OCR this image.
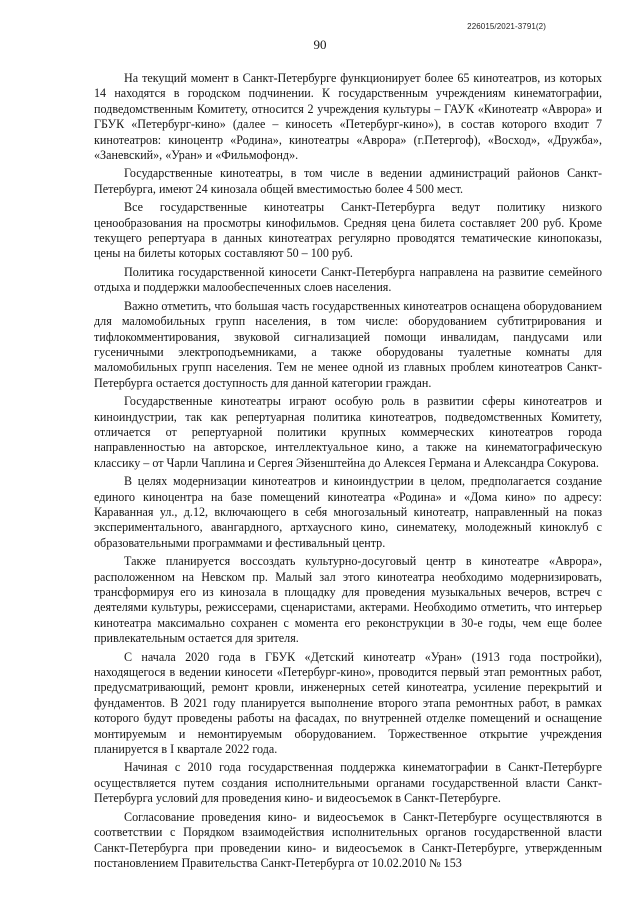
226015/2021-3791(2)
90

На текущий момент в Санкт-Петербурге функционирует более 65 кинотеатров, из которых 14 находятся в городском подчинении. К государственным учреждениям кинематографии, подведомственным Комитету, относится 2 учреждения культуры – ГАУК «Кинотеатр «Аврора» и ГБУК «Петербург-кино» (далее – киносеть «Петербург-кино»), в состав которого входит 7 кинотеатров: киноцентр «Родина», кинотеатры «Аврора» (г.Петергоф), «Восход», «Дружба», «Заневский», «Уран» и «Фильмофонд».

Государственные кинотеатры, в том числе в ведении администраций районов Санкт-Петербурга, имеют 24 кинозала общей вместимостью более 4 500 мест.

Все государственные кинотеатры Санкт-Петербурга ведут политику низкого ценообразования на просмотры кинофильмов. Средняя цена билета составляет 200 руб. Кроме текущего репертуара в данных кинотеатрах регулярно проводятся тематические кинопоказы, цены на билеты которых составляют 50 – 100 руб.

Политика государственной киносети Санкт-Петербурга направлена на развитие семейного отдыха и поддержки малообеспеченных слоев населения.

Важно отметить, что большая часть государственных кинотеатров оснащена оборудованием для маломобильных групп населения, в том числе: оборудованием субтитрирования и тифлокомментирования, звуковой сигнализацией помощи инвалидам, пандусами или гусеничными электроподъемниками, а также оборудованы туалетные комнаты для маломобильных групп населения. Тем не менее одной из главных проблем кинотеатров Санкт-Петербурга остается доступность для данной категории граждан.

Государственные кинотеатры играют особую роль в развитии сферы кинотеатров и киноиндустрии, так как репертуарная политика кинотеатров, подведомственных Комитету, отличается от репертуарной политики крупных коммерческих кинотеатров города направленностью на авторское, интеллектуальное кино, а также на кинематографическую классику – от Чарли Чаплина и Сергея Эйзенштейна до Алексея Германа и Александра Сокурова.

В целях модернизации кинотеатров и киноиндустрии в целом, предполагается создание единого киноцентра на базе помещений кинотеатра «Родина» и «Дома кино» по адресу: Караванная ул., д.12, включающего в себя многозальный кинотеатр, направленный на показ экспериментального, авангардного, артхаусного кино, синематеку, молодежный киноклуб с образовательными программами и фестивальный центр.

Также планируется воссоздать культурно-досуговый центр в кинотеатре «Аврора», расположенном на Невском пр. Малый зал этого кинотеатра необходимо модернизировать, трансформируя его из кинозала в площадку для проведения музыкальных вечеров, встреч с деятелями культуры, режиссерами, сценаристами, актерами. Необходимо отметить, что интерьер кинотеатра максимально сохранен с момента его реконструкции в 30-е годы, чем еще более привлекательным остается для зрителя.

С начала 2020 года в ГБУК «Детский кинотеатр «Уран» (1913 года постройки), находящегося в ведении киносети «Петербург-кино», проводится первый этап ремонтных работ, предусматривающий, ремонт кровли, инженерных сетей кинотеатра, усиление перекрытий и фундаментов. В 2021 году планируется выполнение второго этапа ремонтных работ, в рамках которого будут проведены работы на фасадах, по внутренней отделке помещений и оснащение монтируемым и немонтируемым оборудованием. Торжественное открытие учреждения планируется в I квартале 2022 года.

Начиная с 2010 года государственная поддержка кинематографии в Санкт-Петербурге осуществляется путем создания исполнительными органами государственной власти Санкт-Петербурга условий для проведения кино- и видеосъемок в Санкт-Петербурге.

Согласование проведения кино- и видеосъемок в Санкт-Петербурге осуществляются в соответствии с Порядком взаимодействия исполнительных органов государственной власти Санкт-Петербурга при проведении кино- и видеосъемок в Санкт-Петербурге, утвержденным постановлением Правительства Санкт-Петербурга от 10.02.2010 № 153
